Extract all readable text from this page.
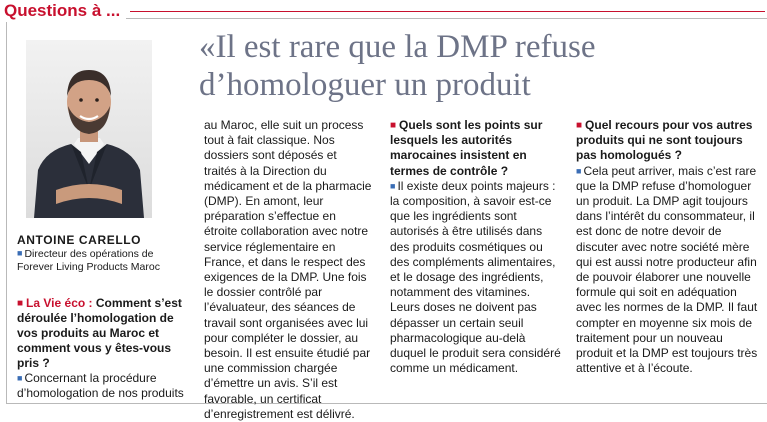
Questions à ...
ANTOINE CARELLO
■ Directeur des opérations de Forever Living Products Maroc
■ La Vie éco : Comment s’est déroulée l’homologation de vos produits au Maroc et comment vous y êtes-vous pris ?
■ Concernant la procédure d’homologation de nos produits
«Il est rare que la DMP refuse d’homologuer un produit
au Maroc, elle suit un process tout à fait classique. Nos dossiers sont déposés et traités à la Direction du médicament et de la pharmacie (DMP). En amont, leur préparation s’effectue en étroite collaboration avec notre service réglementaire en France, et dans le respect des exigences de la DMP. Une fois le dossier contrôlé par l’évaluateur, des séances de travail sont organisées avec lui pour compléter le dossier, au besoin. Il est ensuite étudié par une commission chargée d’émettre un avis. S’il est favorable, un certificat d’enregistrement est délivré.
■ Quels sont les points sur lesquels les autorités marocaines insistent en termes de contrôle ?
■ Il existe deux points majeurs : la composition, à savoir est-ce que les ingrédients sont autorisés à être utilisés dans des produits cosmétiques ou des compléments alimentaires, et le dosage des ingrédients, notamment des vitamines. Leurs doses ne doivent pas dépasser un certain seuil pharmacologique au-delà duquel le produit sera considéré comme un médicament.
■ Quel recours pour vos autres produits qui ne sont toujours pas homologués ?
■ Cela peut arriver, mais c’est rare que la DMP refuse d’homologuer un produit. La DMP agit toujours dans l’intérêt du consommateur, il est donc de notre devoir de discuter avec notre société mère qui est aussi notre producteur afin de pouvoir élaborer une nouvelle formule qui soit en adéquation avec les normes de la DMP. Il faut compter en moyenne six mois de traitement pour un nouveau produit et la DMP est toujours très attentive et à l’écoute.
